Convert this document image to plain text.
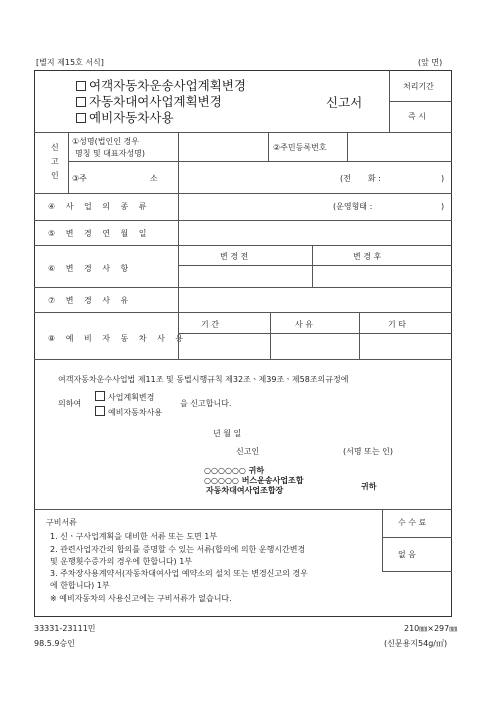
[별지 제15호 서식]	(앞 면)
처리기간
즉 시
여객자동차운송사업계획변경
자동차대여사업계획변경
예비자동차사용
신고서
신
고
인
①성명(법인인 경우
명칭 및 대표자성명)
②주민등록번호
③주	소	(전 화 :	)
④ 사 업 의 종 류	(운영형태 :	)
⑤ 변 경 연 월 일
⑥ 변 경 사 항
변 경 전	변 경 후
⑦ 변 경 사 유
⑧ 예 비 자 동 차 사 용
기 간	사 유	기 타
여객자동차운수사업법 제11조 및 동법시행규칙 제32조ㆍ제39조ㆍ제58조의규정에
의하여
사업계획변경
예비자동차사용
을 신고합니다.
년 월 일
신고인	(서명 또는 인)
○○○○○○ 귀하
○○○○○ 버스운송사업조합
자동차대여사업조합장	귀하
구비서류
1. 신ㆍ구사업계획을 대비한 서류 또는 도면 1부
2. 관련사업자간의 합의를 증명할 수 있는 서류(합의에 의한 운행시간변경
및 운행횟수증가의 경우에 한합니다) 1부
3. 주차장사용계약서(자동차대여사업 예약소의 설치 또는 변경신고의 경우
에 한합니다) 1부
※ 예비자동차의 사용신고에는 구비서류가 없습니다.
수 수 료
없 음
33331-23111민
98.5.9승인
210㎜×297㎜
(신문용지54g/㎡)
